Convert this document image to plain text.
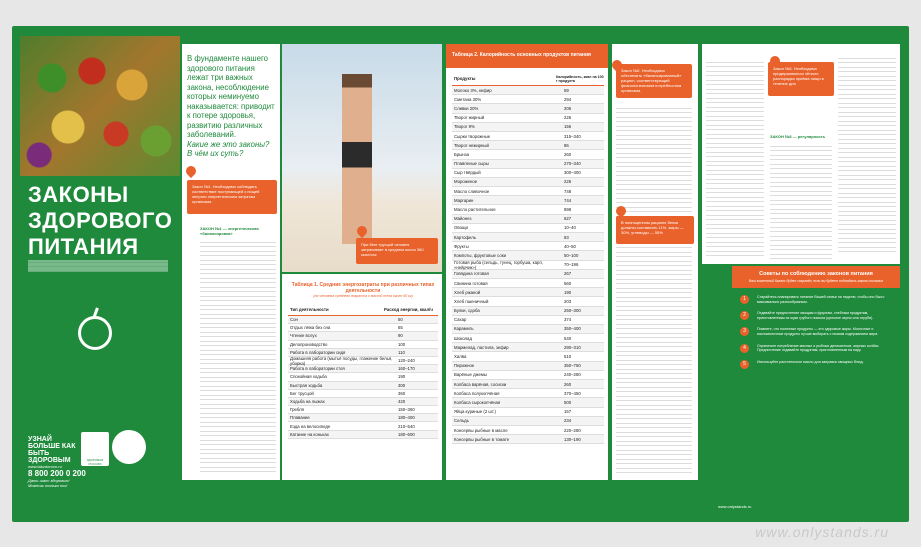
ЗАКОНЫ
ЗДОРОВОГО
ПИТАНИЯ
УЗНАЙ БОЛЬШЕ КАК БЫТЬ ЗДОРОВЫМ
www.takzdorovo.ru
8 800 200 0 200
Дать шанс здоровью! Можешь только ты!
ЗДОРОВАЯ РОССИЯ
В фундаменте нашего здорового питания лежат три важных закона, несоблюдение которых неминуемо наказывается: приводит к потере здоровья, развитию различных заболеваний.
Какие же это законы? В чём их суть?
Закон №1. Необходимо соблюдать соответствие поступающей с пищей энергии энергетическим затратам организма
ЗАКОН №1 — энергетическая «балансировка»
При беге трусцой человек затрачивает в среднем около 360 ккал/час
Таблица 1. Средние энергозатраты при различных типах деятельности
(на человека среднего возраста с массой тела около 60 кг)
Тип деятельности	Расход энергии, ккал/ч
Сон	50
Отдых лёжа без сна	65
Чтение вслух	90
Делопроизводство	100
Работа в лаборатории сидя	110
Домашняя работа (мытьё посуды, глажение белья, уборка)	120–240
Работа в лаборатории стоя	160–170
Спокойная ходьба	190
Быстрая ходьба	300
Бег трусцой	360
Ходьба на лыжах	420
Гребля	150–360
Плавание	180–400
Езда на велосипеде	210–540
Катание на коньках	180–600
Таблица 2. Калорийность основных продуктов питания
Продукты	Калорийность, ккал на 100 г продукта
Молоко 3%, кефир	59
Сметана 30%	294
Сливки 20%	206
Творог жирный	226
Творог 9%	156
Сырки творожные	315–340
Творог нежирный	86
Брынза	260
Плавленые сыры	270–340
Сыр твёрдый	300–400
Мороженое	226
Масло сливочное	748
Маргарин	744
Масло растительное	898
Майонез	627
Овощи	10–40
Картофель	83
Фрукты	40–50
Компоты, фруктовые соки	50–100
Готовая рыба (сельдь, тунец, горбуша, карп, «нейрчик»)	70–196
Говядина готовая	267
Свинина готовая	560
Хлеб ржаной	190
Хлеб пшеничный	203
Булки, сдоба	250–300
Сахар	374
Карамель	350–400
Шоколад	540
Мармелад, пастила, зефир	290–310
Халва	510
Пирожное	350–750
Варёные джемы	240–280
Колбаса варёная, сосиски	260
Колбаса полукопчёная	370–450
Колбаса сырокопчёная	500
Яйца куриные (2 шт.)	157
Сельдь	234
Консервы рыбные в масле	220–280
Консервы рыбные в томате	130–190
Закон №2. Необходимо обеспечить «балансированный» рацион, соответствующий физиологическим потребностям организма
Закон №3. Необходимо придерживаться чёткого распорядка приёма пищи в течение дня
ЗАКОН №3 — регулярность
В полноценном рационе белки должны составлять 11%, жиры — 30%, углеводы — 55%
Советы по соблюдению законов питания
Ваш жизненный баланс будет сохранён, если вы будете соблюдать законы питания
1	Старайтесь планировать питание Вашей семьи на неделю, чтобы оно было максимально разнообразным.
2	Отдавайте предпочтение овощам и фруктам, хлебным продуктам, приготовленным из муки грубого помола (цельное зерно или отруби).
3	Помните, что полезные продукты — это здоровые жиры. Молочные и кисломолочные продукты лучше выбирать с низким содержанием жира.
4	Ограничьте потребление мясных и рыбных деликатесов, жирных колбас. Предпочтение отдавайте продуктам, приготовленным на пару.
5	Используйте растительное масло для заправки овощных блюд.
www.onlystands.ru
www.onlystands.ru
